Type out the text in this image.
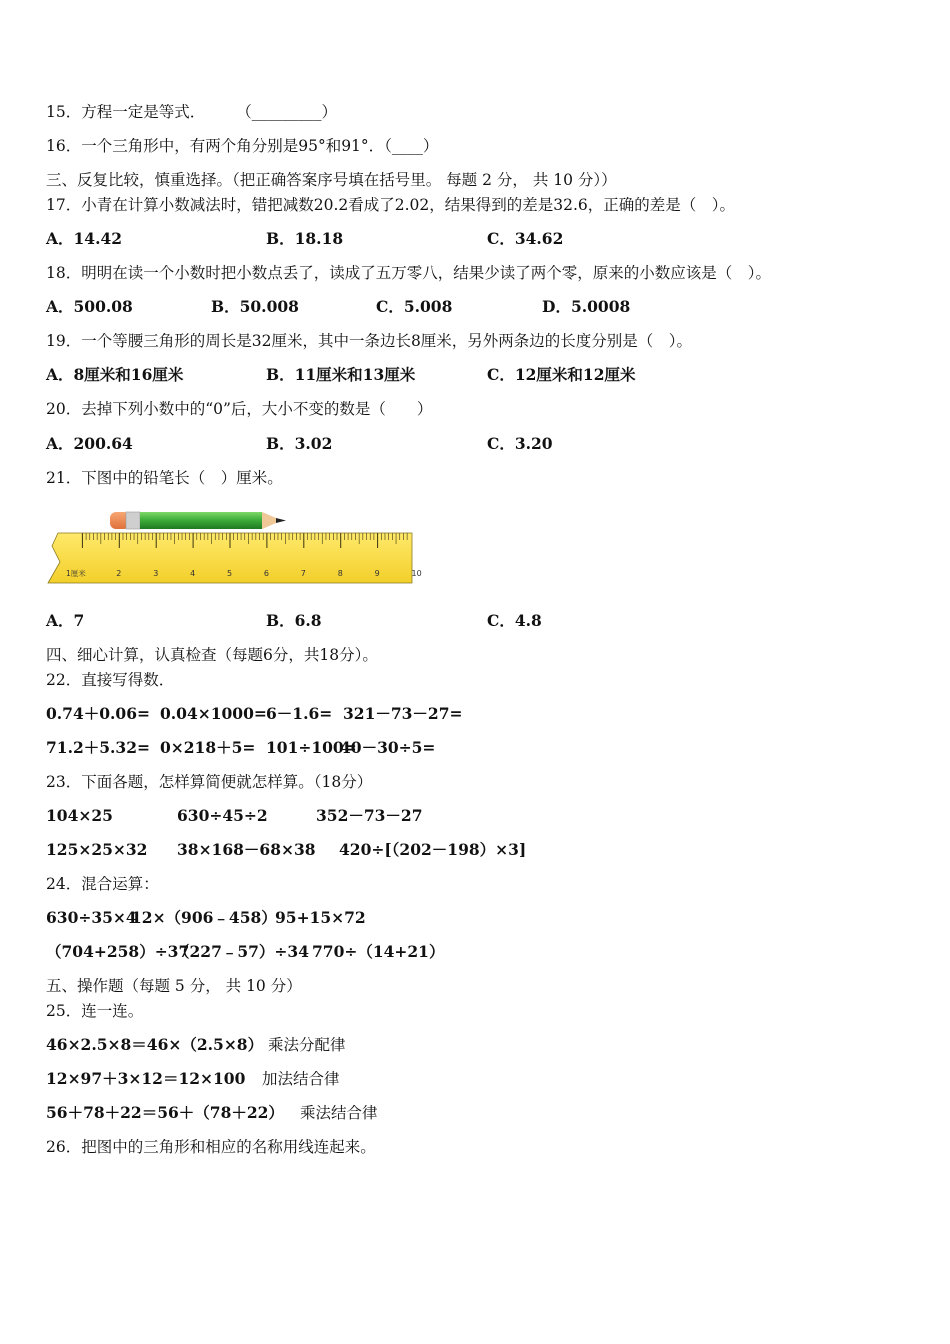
15．方程一定是等式．　　　（_________）
16．一个三角形中，有两个角分别是95°和91°．（____）
三、反复比较，慎重选择。（把正确答案序号填在括号里。 每题 2 分， 共 10 分））
17．小青在计算小数减法时，错把减数20.2看成了2.02，结果得到的差是32.6，正确的差是（　）。
A．14.42	B．18.18	C．34.62
18．明明在读一个小数时把小数点丢了，读成了五万零八，结果少读了两个零，原来的小数应该是（　）。
A．500.08	B．50.008	C．5.008	D．5.0008
19．一个等腰三角形的周长是32厘米，其中一条边长8厘米，另外两条边的长度分别是（　）。
A．8厘米和16厘米	B．11厘米和13厘米	C．12厘米和12厘米
20．去掉下列小数中的“0”后，大小不变的数是（　　）
A．200.64	B．3.02	C．3.20
21．下图中的铅笔长（　）厘米。
1厘米	2	3	4	5	6	7	8	9	10
A．7	B．6.8	C．4.8
四、细心计算，认真检查（每题6分，共18分）。
22．直接写得数．
0.74＋0.06= 0.04×1000= 6－1.6= 321－73－27=
71.2＋5.32= 0×218＋5= 101÷100=
40－30÷5=
23．下面各题，怎样算简便就怎样算。（18分）
104×25	630÷45÷2	352－73－27
125×25×32 38×168－68×38 420÷[（202－198）×3]
24．混合运算：
630÷35×4
12×（906﹣458）
95+15×72
（704+258）÷37
（227﹣57）÷34 770÷（14+21）
五、操作题（每题 5 分， 共 10 分）
25．连一连。
46×2.5×8＝46×（2.5×8） 乘法分配律
12×97＋3×12＝12×100 加法结合律
56＋78＋22＝56＋（78＋22） 乘法结合律
26．把图中的三角形和相应的名称用线连起来。
